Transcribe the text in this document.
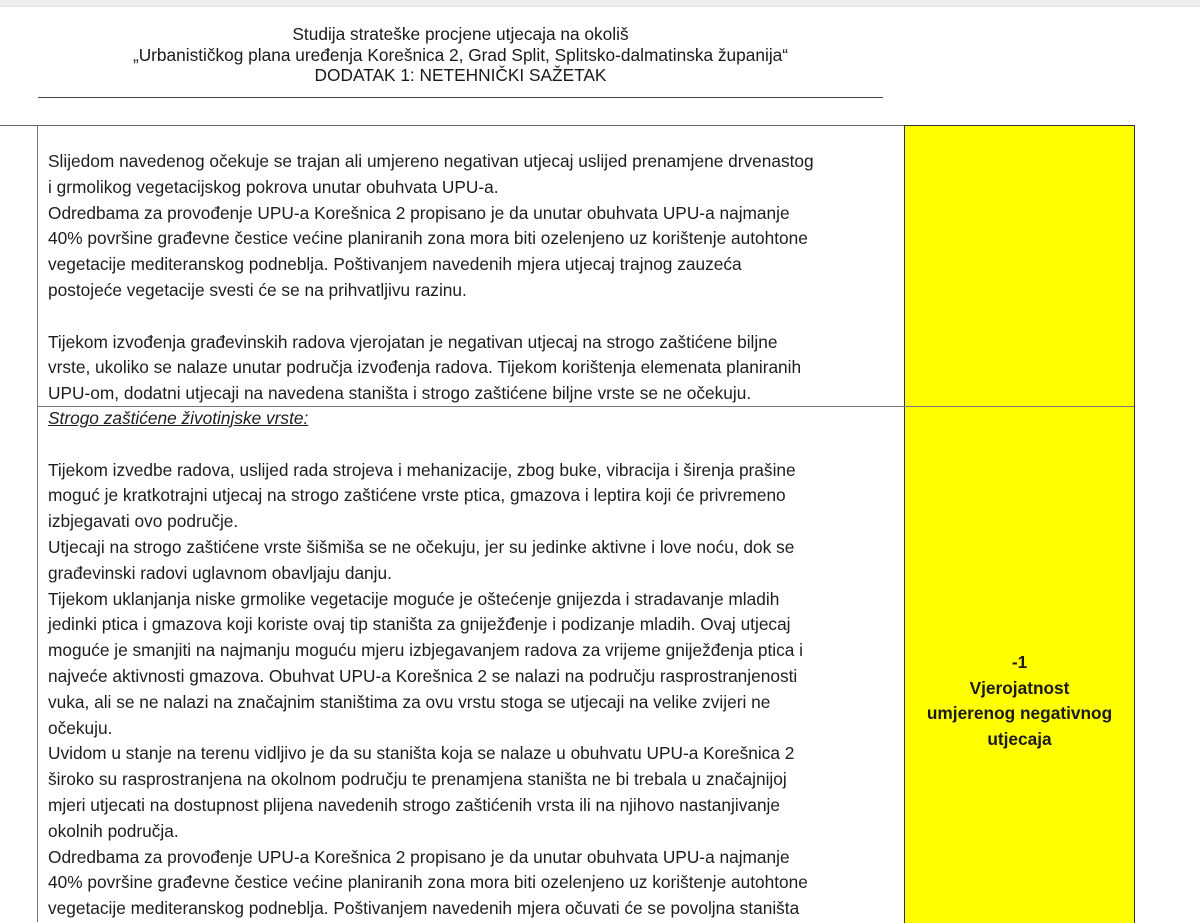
Studija strateške procjene utjecaja na okoliš
„Urbanističkog plana uređenja Korešnica 2, Grad Split, Splitsko-dalmatinska županija“
DODATAK 1: NETEHNIČKI SAŽETAK

Slijedom navedenog očekuje se trajan ali umjereno negativan utjecaj uslijed prenamjene drvenastog

i grmolikog vegetacijskog pokrova unutar obuhvata UPU-a.

Odredbama za provođenje UPU-a Korešnica 2 propisano je da unutar obuhvata UPU-a najmanje

40% površine građevne čestice većine planiranih zona mora biti ozelenjeno uz korištenje autohtone

vegetacije mediteranskog podneblja. Poštivanjem navedenih mjera utjecaj trajnog zauzeća

postojeće vegetacije svesti će se na prihvatljivu razinu.

Tijekom izvođenja građevinskih radova vjerojatan je negativan utjecaj na strogo zaštićene biljne

vrste, ukoliko se nalaze unutar područja izvođenja radova. Tijekom korištenja elemenata planiranih

UPU-om, dodatni utjecaji na navedena staništa i strogo zaštićene biljne vrste se ne očekuju.

Strogo zaštićene životinjske vrste:

Tijekom izvedbe radova, uslijed rada strojeva i mehanizacije, zbog buke, vibracija i širenja prašine

moguć je kratkotrajni utjecaj na strogo zaštićene vrste ptica, gmazova i leptira koji će privremeno

izbjegavati ovo područje.

Utjecaji na strogo zaštićene vrste šišmiša se ne očekuju, jer su jedinke aktivne i love noću, dok se

građevinski radovi uglavnom obavljaju danju.

Tijekom uklanjanja niske grmolike vegetacije moguće je oštećenje gnijezda i stradavanje mladih

jedinki ptica i gmazova koji koriste ovaj tip staništa za gniježđenje i podizanje mladih. Ovaj utjecaj

moguće je smanjiti na najmanju moguću mjeru izbjegavanjem radova za vrijeme gniježđenja ptica i

najveće aktivnosti gmazova. Obuhvat UPU-a Korešnica 2 se nalazi na području rasprostranjenosti

vuka, ali se ne nalazi na značajnim staništima za ovu vrstu stoga se utjecaji na velike zvijeri ne

očekuju.

Uvidom u stanje na terenu vidljivo je da su staništa koja se nalaze u obuhvatu UPU-a Korešnica 2

široko su rasprostranjena na okolnom području te prenamjena staništa ne bi trebala u značajnijoj

mjeri utjecati na dostupnost plijena navedenih strogo zaštićenih vrsta ili na njihovo nastanjivanje

okolnih područja.

Odredbama za provođenje UPU-a Korešnica 2 propisano je da unutar obuhvata UPU-a najmanje

40% površine građevne čestice većine planiranih zona mora biti ozelenjeno uz korištenje autohtone

vegetacije mediteranskog podneblja. Poštivanjem navedenih mjera očuvati će se povoljna staništa

-1
Vjerojatnost
umjerenog negativnog
utjecaja
